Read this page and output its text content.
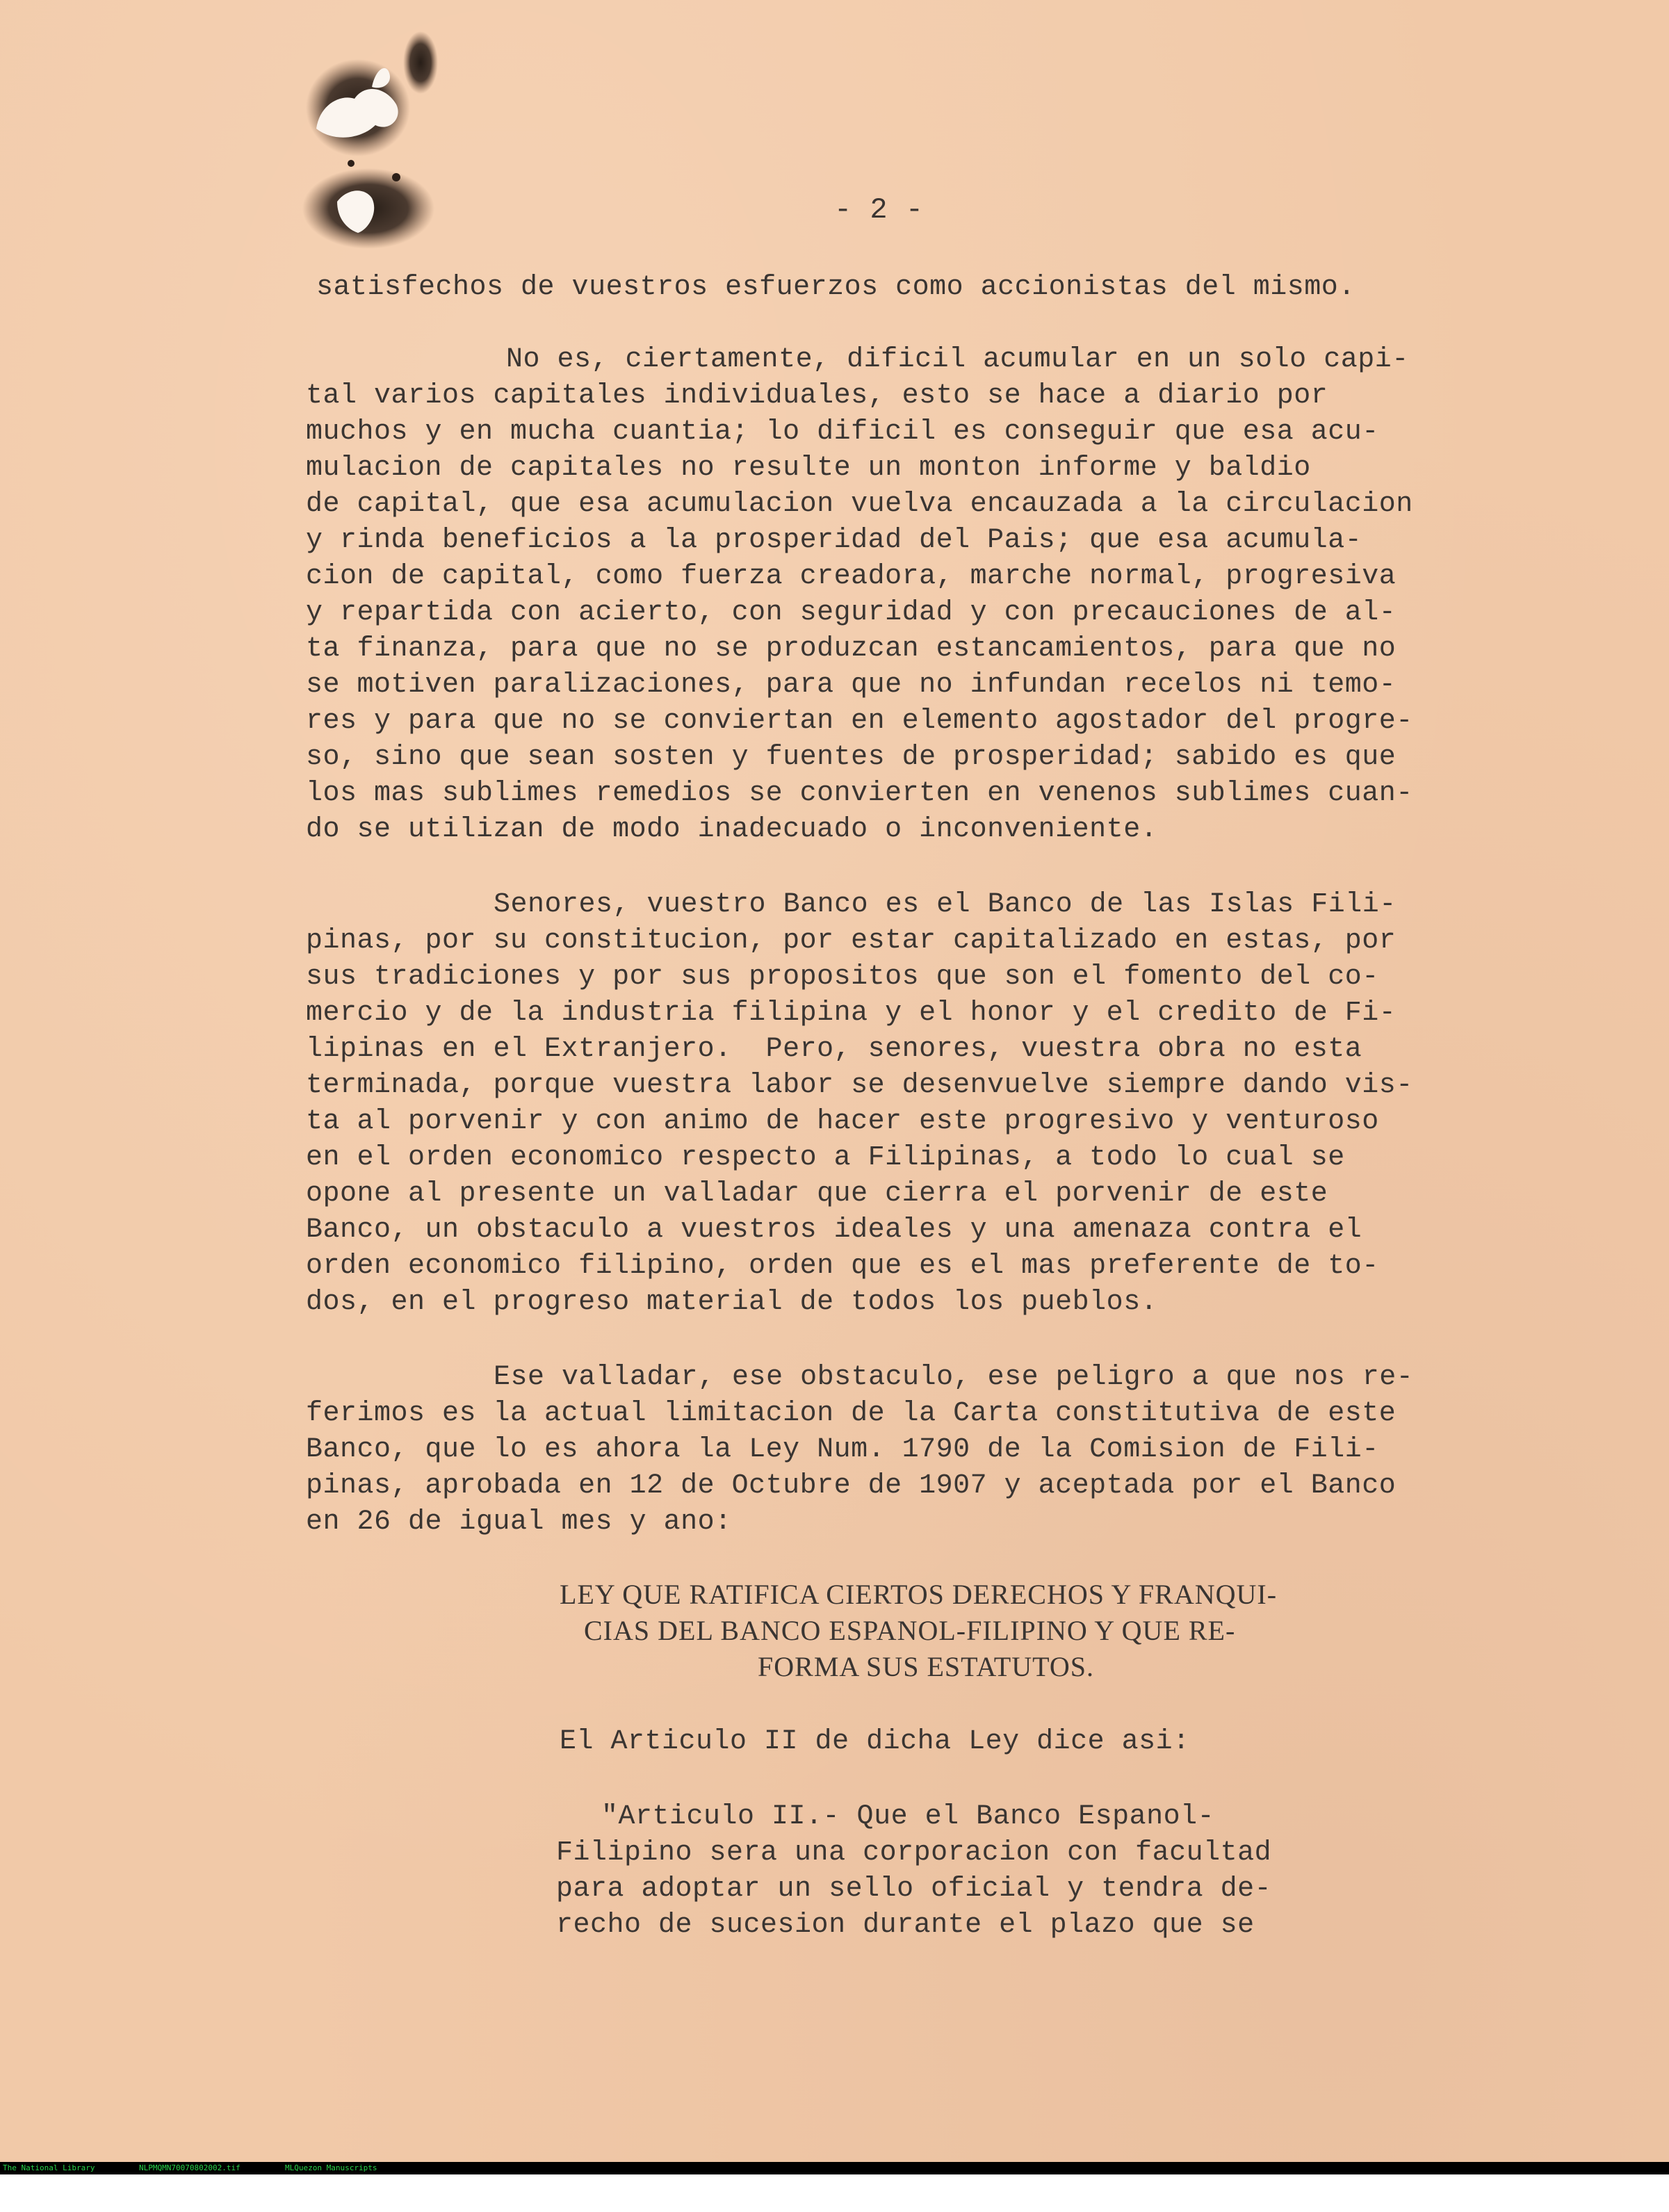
- 2 -
satisfechos de vuestros esfuerzos como accionistas del mismo.
No es, ciertamente, dificil acumular en un solo capi-
tal varios capitales individuales, esto se hace a diario por
muchos y en mucha cuantia; lo dificil es conseguir que esa acu-
mulacion de capitales no resulte un monton informe y baldio
de capital, que esa acumulacion vuelva encauzada a la circulacion
y rinda beneficios a la prosperidad del Pais; que esa acumula-
cion de capital, como fuerza creadora, marche normal, progresiva
y repartida con acierto, con seguridad y con precauciones de al-
ta finanza, para que no se produzcan estancamientos, para que no
se motiven paralizaciones, para que no infundan recelos ni temo-
res y para que no se conviertan en elemento agostador del progre-
so, sino que sean sosten y fuentes de prosperidad; sabido es que
los mas sublimes remedios se convierten en venenos sublimes cuan-
do se utilizan de modo inadecuado o inconveniente.
Senores, vuestro Banco es el Banco de las Islas Fili-
pinas, por su constitucion, por estar capitalizado en estas, por
sus tradiciones y por sus propositos que son el fomento del co-
mercio y de la industria filipina y el honor y el credito de Fi-
lipinas en el Extranjero.  Pero, senores, vuestra obra no esta
terminada, porque vuestra labor se desenvuelve siempre dando vis-
ta al porvenir y con animo de hacer este progresivo y venturoso
en el orden economico respecto a Filipinas, a todo lo cual se
opone al presente un valladar que cierra el porvenir de este
Banco, un obstaculo a vuestros ideales y una amenaza contra el
orden economico filipino, orden que es el mas preferente de to-
dos, en el progreso material de todos los pueblos.
Ese valladar, ese obstaculo, ese peligro a que nos re-
ferimos es la actual limitacion de la Carta constitutiva de este
Banco, que lo es ahora la Ley Num. 1790 de la Comision de Fili-
pinas, aprobada en 12 de Octubre de 1907 y aceptada por el Banco
en 26 de igual mes y ano:
LEY QUE RATIFICA CIERTOS DERECHOS Y FRANQUI-
CIAS DEL BANCO ESPANOL-FILIPINO Y QUE RE-
FORMA SUS ESTATUTOS.
El Articulo II de dicha Ley dice asi:
"Articulo II.- Que el Banco Espanol-
Filipino sera una corporacion con facultad
para adoptar un sello oficial y tendra de-
recho de sucesion durante el plazo que se

The National Library

	NLPMQMN70070802002.tif

	MLQuezon Manuscripts
